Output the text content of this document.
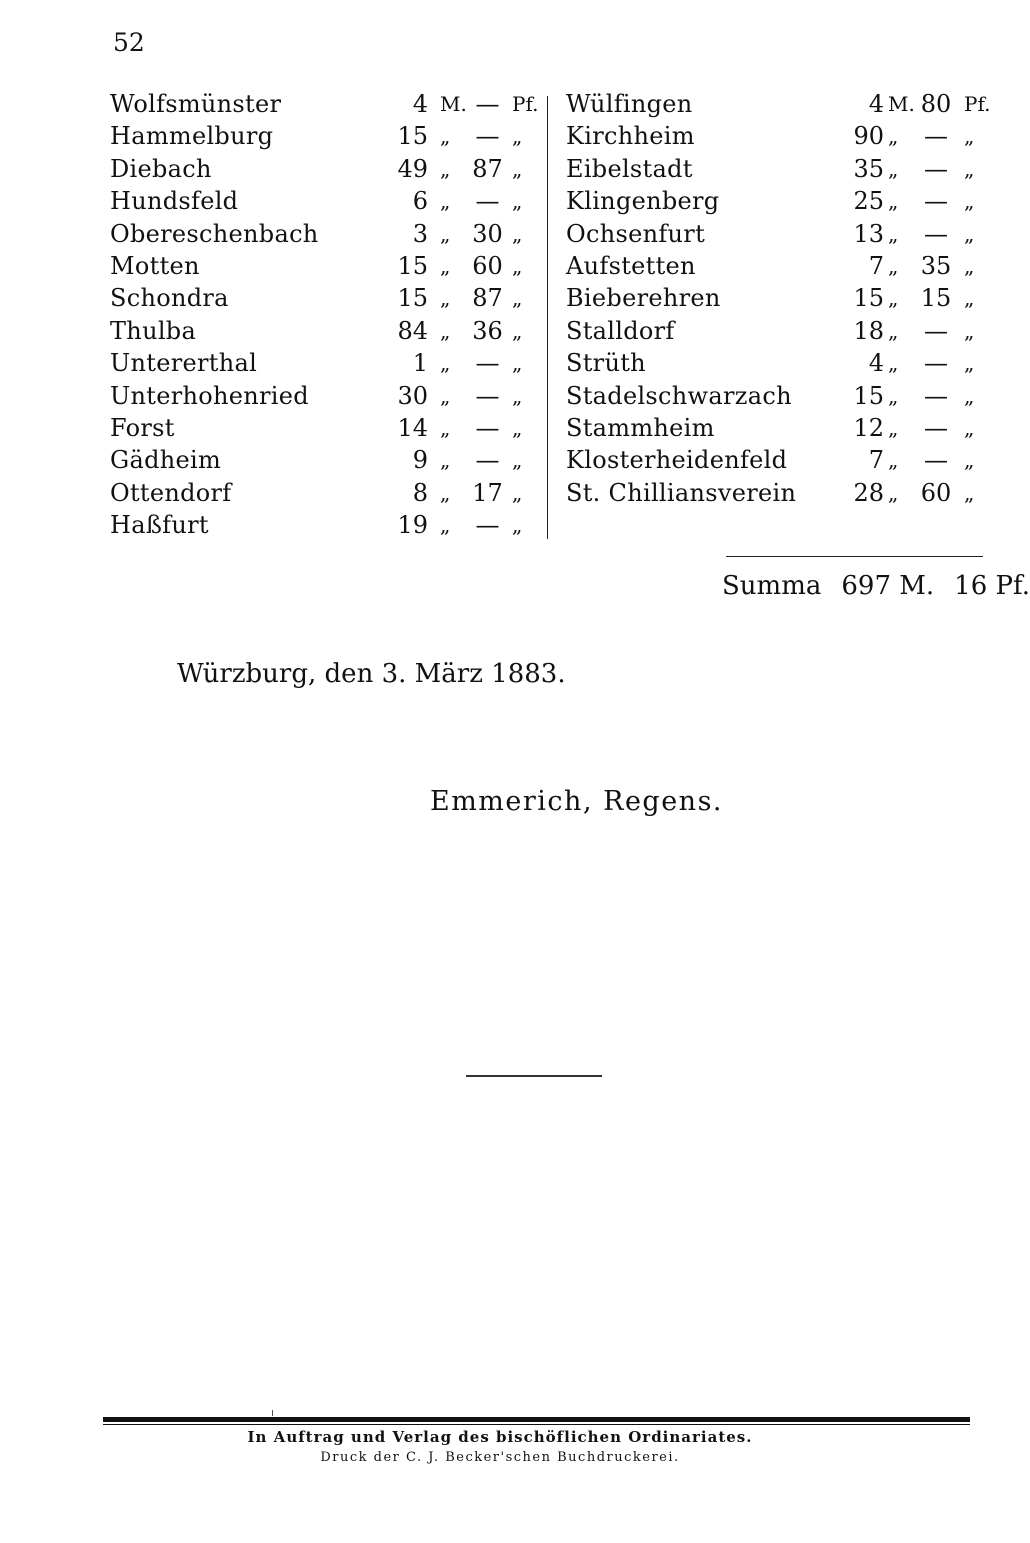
52
Wolfsmünster	4 M. — Pf.
Hammelburg	15 „	— „
Diebach	49 „ 87 „
Hundsfeld	6 „	— „
Obereschenbach	3 „ 30 „
Motten	15 „ 60 „
Schondra	15 „ 87 „
Thulba	84 „ 36 „
Untererthal	1 „	— „
Unterhohenried	30 „	— „
Forst	14 „	— „
Gädheim	9 „	— „
Ottendorf	8 „ 17 „
Haßfurt	19 „	— „
Wülfingen	4 M. 80 Pf.
Kirchheim	90 „	— „
Eibelstadt	35 „	— „
Klingenberg	25 „	— „
Ochsenfurt	13 „	— „
Aufstetten	7 „ 35 „
Bieberehren	15 „ 15 „
Stalldorf	18 „	— „
Strüth	4 „	— „
Stadelschwarzach	15 „	— „
Stammheim	12 „	— „
Klosterheidenfeld	7 „	— „
St. Chilliansverein 28 „ 60 „
Summa 697 M. 16 Pf.
Würzburg, den 3. März 1883.
Emmerich, Regens.
In Auftrag und Verlag des bischöflichen Ordinariates.
Druck der C. J. Becker'schen Buchdruckerei.
